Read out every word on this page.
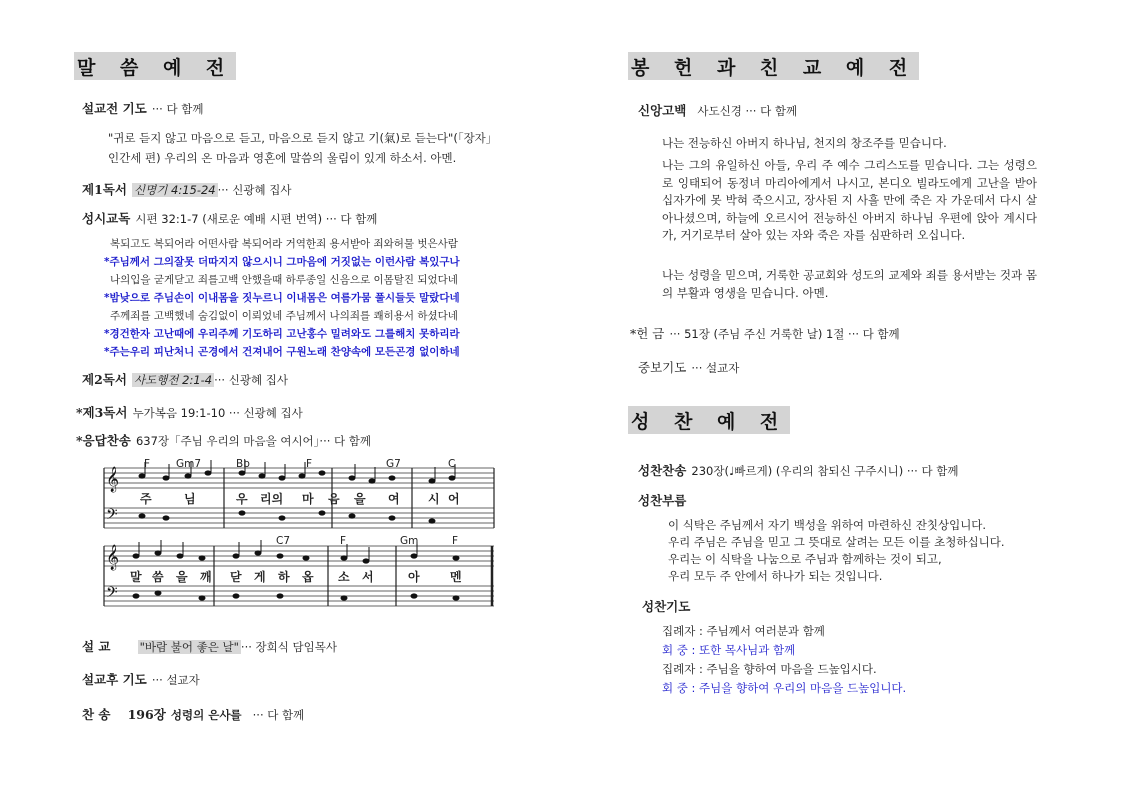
말 씀 예 전
설교전 기도 ··· 다 함께
"귀로 듣지 않고 마음으로 듣고, 마음으로 듣지 않고 기(氣)로 듣는다"(「장자」
인간세 편) 우리의 온 마음과 영혼에 말씀의 울림이 있게 하소서. 아멘.
제1독서 신명기 4:15-24 ··· 신광혜 집사
성시교독 시편 32:1-7 (새로운 예배 시편 번역) ··· 다 함께
복되고도 복되어라 어떤사람 복되어라 거역한죄 용서받아 죄와허물 벗은사람
*주님께서 그의잘못 더따지지 않으시니 그마음에 거짓없는 이런사람 복있구나
나의입을 굳게닫고 죄를고백 안했을때 하루종일 신음으로 이몸탈진 되었다네
*밤낮으로 주님손이 이내몸을 짓누르니 이내몸은 여름가뭄 풀시들듯 말랐다네
주께죄를 고백했네 숨김없이 이뢰었네 주님께서 나의죄를 쾌히용서 하셨다네
*경건한자 고난때에 우리주께 기도하리 고난홍수 밀려와도 그를해치 못하리라
*주는우리 피난처니 곤경에서 건져내어 구원노래 찬양속에 모든곤경 없이하네
제2독서 사도행전 2:1-4 ··· 신광혜 집사
*제3독서 누가복음 19:1-10 ··· 신광혜 집사
*응답찬송 637장「주님 우리의 마음을 여시어」··· 다 함께
𝄞
𝄢
𝄞
𝄢
F Gm7	Bb	F	G7	C
주	님	우 리의 마 음 을 여 시 어
C7	F	Gm	F
말 씀 을 깨 닫 게 하 옵 소 서	아	멘
설 교	"바람 불어 좋은 날" ··· 장희식 담임목사
설교후 기도 ··· 설교자
찬 송 196장 성령의 은사를 ··· 다 함께
봉 헌 과 친 교 예 전
신앙고백 사도신경 ··· 다 함께
나는 전능하신 아버지 하나님, 천지의 창조주를 믿습니다.
나는 그의 유일하신 아들, 우리 주 예수 그리스도를 믿습니다. 그는 성령으로 잉태되어 동정녀 마리아에게서 나시고, 본디오 빌라도에게 고난을 받아 십자가에 못 박혀 죽으시고, 장사된 지 사흘 만에 죽은 자 가운데서 다시 살아나셨으며, 하늘에 오르시어 전능하신 아버지 하나님 우편에 앉아 계시다가, 거기로부터 살아 있는 자와 죽은 자를 심판하러 오십니다.
나는 성령을 믿으며, 거룩한 공교회와 성도의 교제와 죄를 용서받는 것과 몸의 부활과 영생을 믿습니다. 아멘.
*헌 금 ··· 51장 (주님 주신 거룩한 날) 1절 ··· 다 함께
중보기도 ··· 설교자
성 찬 예 전
성찬찬송 230장(♩빠르게) (우리의 참되신 구주시니) ··· 다 함께
성찬부름
이 식탁은 주님께서 자기 백성을 위하여 마련하신 잔칫상입니다.
우리 주님은 주님을 믿고 그 뜻대로 살려는 모든 이를 초청하십니다.
우리는 이 식탁을 나눔으로 주님과 함께하는 것이 되고,
우리 모두 주 안에서 하나가 되는 것입니다.
성찬기도
집례자 : 주님께서 여러분과 함께
회 중 : 또한 목사님과 함께
집례자 : 주님을 향하여 마음을 드높입시다.
회 중 : 주님을 향하여 우리의 마음을 드높입니다.
